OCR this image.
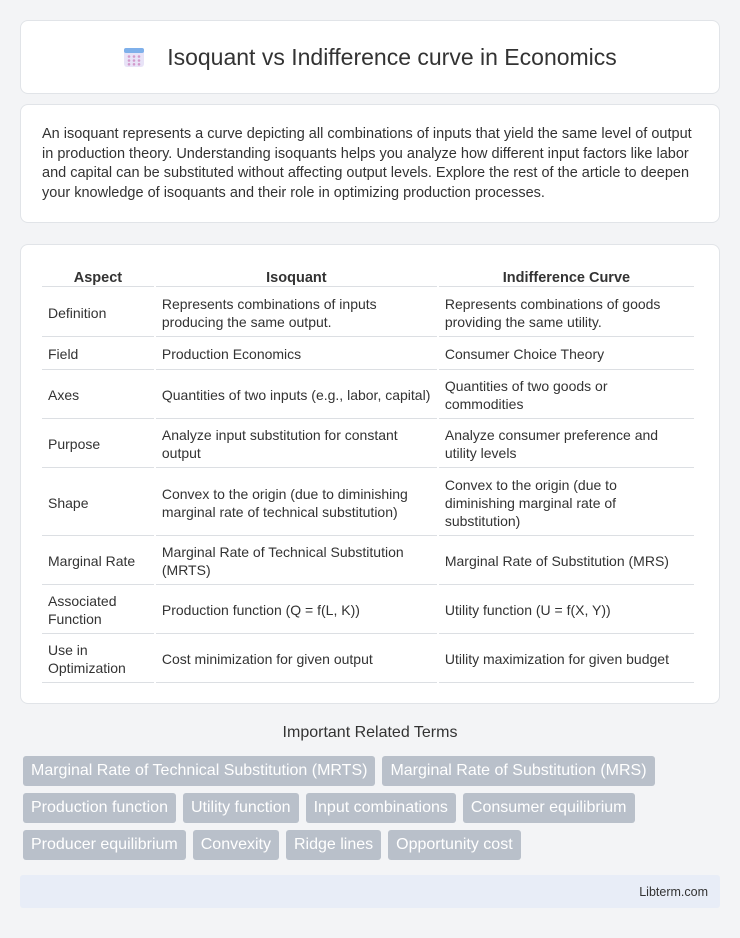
Isoquant vs Indifference curve in Economics

An isoquant represents a curve depicting all combinations of inputs that yield the same level of output in production theory. Understanding isoquants helps you analyze how different input factors like labor and capital can be substituted without affecting output levels. Explore the rest of the article to deepen your knowledge of isoquants and their role in optimizing production processes.

Aspect	Isoquant	Indifference Curve
Definition	Represents combinations of inputs producing the same output.	Represents combinations of goods providing the same utility.
Field	Production Economics	Consumer Choice Theory
Axes	Quantities of two inputs (e.g., labor, capital)	Quantities of two goods or commodities
Purpose	Analyze input substitution for constant output	Analyze consumer preference and utility levels
Shape	Convex to the origin (due to diminishing marginal rate of technical substitution)	Convex to the origin (due to diminishing marginal rate of substitution)
Marginal Rate	Marginal Rate of Technical Substitution (MRTS)	Marginal Rate of Substitution (MRS)
Associated Function	Production function (Q = f(L, K))	Utility function (U = f(X, Y))
Use in Optimization	Cost minimization for given output	Utility maximization for given budget
Important Related Terms
Marginal Rate of Technical Substitution (MRTS)	Marginal Rate of Substitution (MRS)
Production function	Utility function	Input combinations	Consumer equilibrium
Producer equilibrium	Convexity	Ridge lines	Opportunity cost
Libterm.com
